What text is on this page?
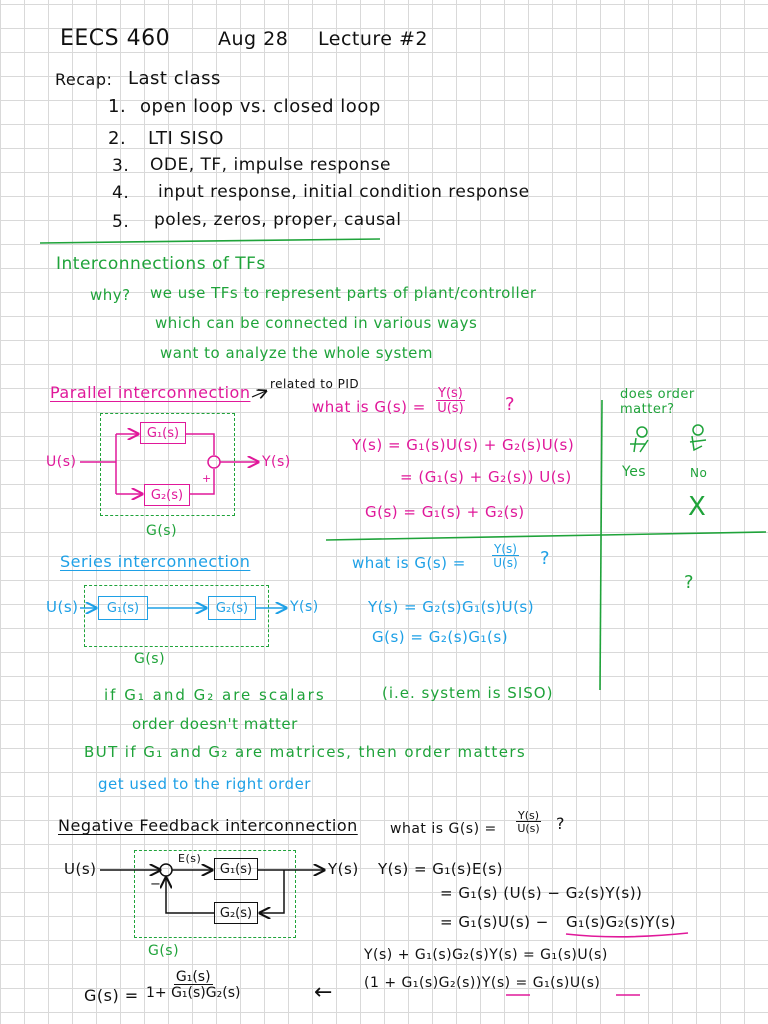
EECS 460	Aug 28 Lecture #2
Recap: Last class
1. open loop vs. closed loop
2. LTI SISO
3. ODE, TF, impulse response
4. input response, initial condition response
5. poles, zeros, proper, causal
Interconnections of TFs
why? we use TFs to represent parts of plant/controller
which can be connected in various ways
want to analyze the whole system
Parallel interconnection related to PID
what is $G(s) = \frac{Y(s)}{U(s)}$ ?
Y(s) = G₁(s)U(s) + G₂(s)U(s)
= (G₁(s) + G₂(s)) U(s)
G(s) = G₁(s) + G₂(s)
G₁(s)
G₂(s)
U(s)	Y(s)
+
G(s)
does order matter?
Yes	No
X
?
Series interconnection	what is $G(s) = \frac{Y(s)}{U(s)}$ ?
Y(s) = G₂(s)G₁(s)U(s)
G(s) = G₂(s)G₁(s)
G₁(s)	G₂(s)
U(s)	Y(s)
G(s)
if G₁ and G₂ are scalars	(i.e. system is SISO)
order doesn't matter
BUT if G₁ and G₂ are matrices, then order matters
get used to the right order
Negative Feedback interconnection what is $G(s) = \frac{Y(s)}{U(s)}$ ?
Y(s) = G₁(s)E(s)
= G₁(s) (U(s) − G₂(s)Y(s))
= G₁(s)U(s) − G₁(s)G₂(s)Y(s)
Y(s) + G₁(s)G₂(s)Y(s) = G₁(s)U(s)
(1 + G₁(s)G₂(s))Y(s) = G₁(s)U(s)
←
$G(s) = \frac{\text{G₁(s)}}{\text{1+ G₁(s)G₂(s)}}$
G₁(s)
G₂(s)
U(s)	Y(s)
E(s)
−
G(s)
